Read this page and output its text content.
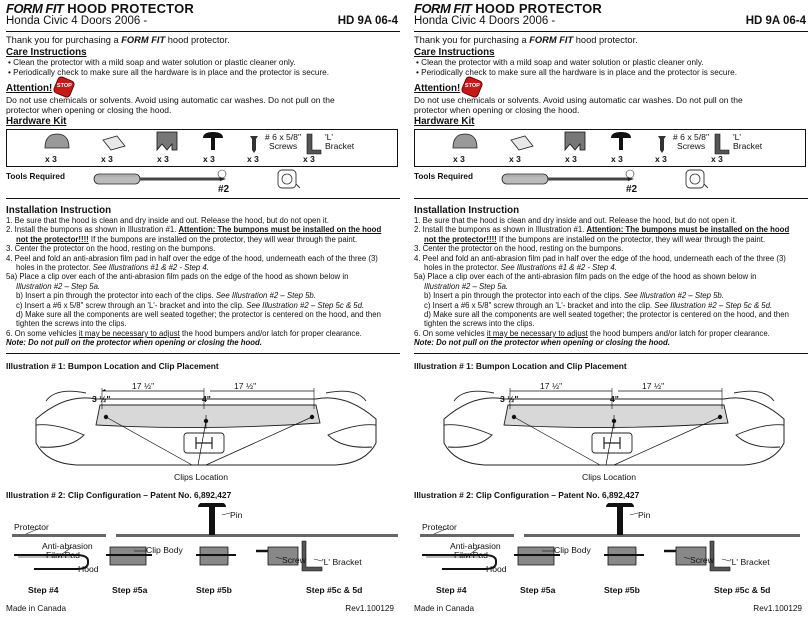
FORM FIT HOOD PROTECTOR
Honda Civic 4 Doors 2006 -	HD 9A 06-4
Thank you for purchasing a FORM FIT hood protector.
Care Instructions
• Clean the protector with a mild soap and water solution or plastic cleaner only.
• Periodically check to make sure all the hardware is in place and the protector is secure.
Attention! STOP
Do not use chemicals or solvents. Avoid using automatic car washes. Do not pull on the
protector when opening or closing the hood.
Hardware Kit
x 3	x 3	x 3	x 3	x 3	x 3
# 6 x 5/8"
Screws
'L'
Bracket
Tools Required
#2
Installation Instruction
1. Be sure that the hood is clean and dry inside and out. Release the hood, but do not open it.
2. Install the bumpons as shown in Illustration #1. Attention: The bumpons must be installed on the hood
not the protector!!!! If the bumpons are installed on the protector, they will wear through the paint.
3. Center the protector on the hood, resting on the bumpons.
4. Peel and fold an anti-abrasion film pad in half over the edge of the hood, underneath each of the three (3)
holes in the protector. See Illustrations #1 & #2 - Step 4.
5a) Place a clip over each of the anti-abrasion film pads on the edge of the hood as shown below in
Illustration #2 – Step 5a.
b) Insert a pin through the protector into each of the clips. See Illustration #2 – Step 5b.
c) Insert a #6 x 5/8" screw through an 'L'- bracket and into the clip. See Illustration #2 – Step 5c & 5d.
d) Make sure all the components are well seated together; the protector is centered on the hood, and then
tighten the screws into the clips.
6. On some vehicles it may be necessary to adjust the hood bumpers and/or latch for proper clearance.
Note: Do not pull on the protector when opening or closing the hood.
Illustration # 1: Bumpon Location and Clip Placement
17 ½"	17 ½"
3 ½"	4"
Clips Location
Illustration # 2: Clip Configuration – Patent No. 6,892,427
Protector
Anti-abrasion
Film Pad
Hood
Clip Body
Pin
Screw 'L' Bracket
Step #4	Step #5a	Step #5b	Step #5c & 5d
Made in Canada	Rev1.100129
FORM FIT HOOD PROTECTOR
Honda Civic 4 Doors 2006 -	HD 9A 06-4
Thank you for purchasing a FORM FIT hood protector.
Care Instructions
• Clean the protector with a mild soap and water solution or plastic cleaner only.
• Periodically check to make sure all the hardware is in place and the protector is secure.
Attention! STOP
Do not use chemicals or solvents. Avoid using automatic car washes. Do not pull on the
protector when opening or closing the hood.
Hardware Kit
x 3	x 3	x 3	x 3	x 3	x 3
# 6 x 5/8"
Screws
'L'
Bracket
Tools Required
#2
Installation Instruction
1. Be sure that the hood is clean and dry inside and out. Release the hood, but do not open it.
2. Install the bumpons as shown in Illustration #1. Attention: The bumpons must be installed on the hood
not the protector!!!! If the bumpons are installed on the protector, they will wear through the paint.
3. Center the protector on the hood, resting on the bumpons.
4. Peel and fold an anti-abrasion film pad in half over the edge of the hood, underneath each of the three (3)
holes in the protector. See Illustrations #1 & #2 - Step 4.
5a) Place a clip over each of the anti-abrasion film pads on the edge of the hood as shown below in
Illustration #2 – Step 5a.
b) Insert a pin through the protector into each of the clips. See Illustration #2 – Step 5b.
c) Insert a #6 x 5/8" screw through an 'L'- bracket and into the clip. See Illustration #2 – Step 5c & 5d.
d) Make sure all the components are well seated together; the protector is centered on the hood, and then
tighten the screws into the clips.
6. On some vehicles it may be necessary to adjust the hood bumpers and/or latch for proper clearance.
Note: Do not pull on the protector when opening or closing the hood.
Illustration # 1: Bumpon Location and Clip Placement
17 ½"	17 ½"
3 ½"	4"
Clips Location
Illustration # 2: Clip Configuration – Patent No. 6,892,427
Protector
Anti-abrasion
Film Pad
Hood
Clip Body
Pin
Screw 'L' Bracket
Step #4	Step #5a	Step #5b	Step #5c & 5d
Made in Canada	Rev1.100129
